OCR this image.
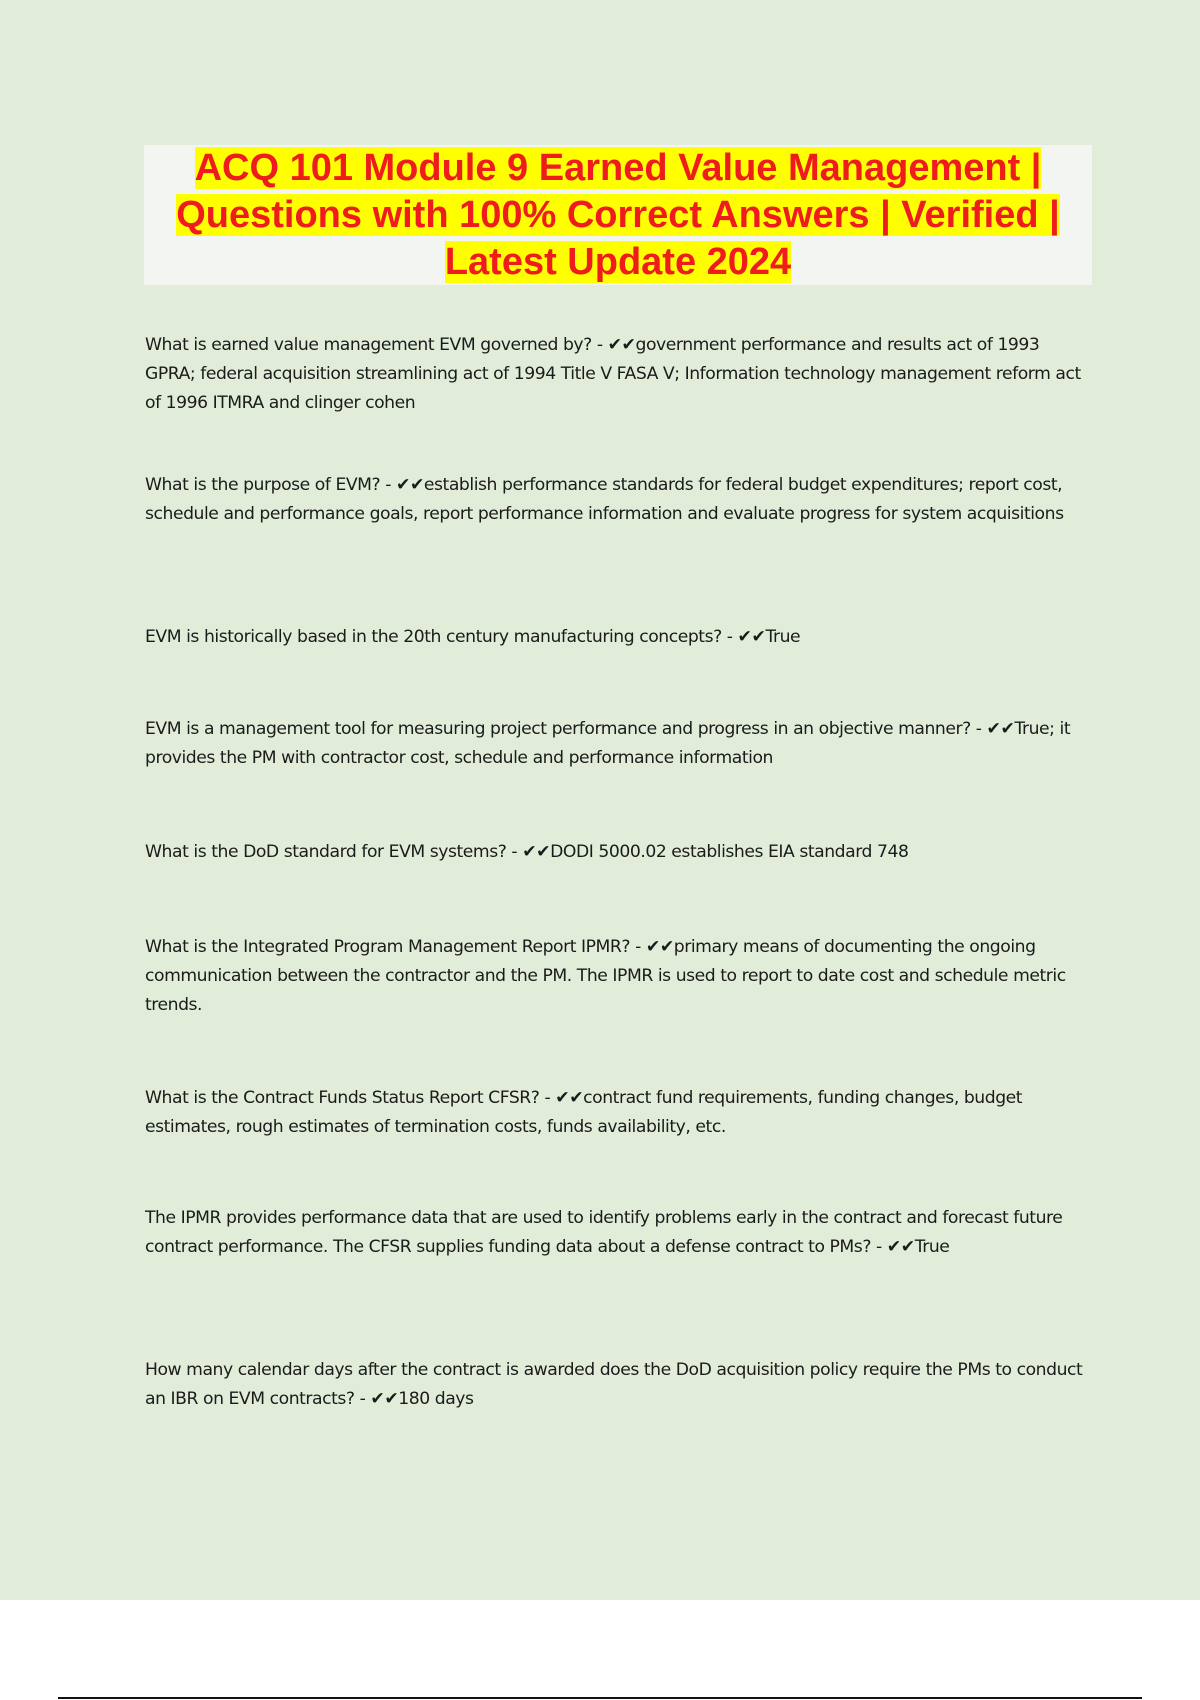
ACQ 101 Module 9 Earned Value Management | Questions with 100% Correct Answers | Verified | Latest Update 2024

What is earned value management EVM governed by? - ✔✔government performance and results act of 1993 GPRA; federal acquisition streamlining act of 1994 Title V FASA V; Information technology management reform act of 1996 ITMRA and clinger cohen

What is the purpose of EVM? - ✔✔establish performance standards for federal budget expenditures; report cost, schedule and performance goals, report performance information and evaluate progress for system acquisitions

EVM is historically based in the 20th century manufacturing concepts? - ✔✔True

EVM is a management tool for measuring project performance and progress in an objective manner? - ✔✔True; it provides the PM with contractor cost, schedule and performance information

What is the DoD standard for EVM systems? - ✔✔DODI 5000.02 establishes EIA standard 748

What is the Integrated Program Management Report IPMR? - ✔✔primary means of documenting the ongoing communication between the contractor and the PM. The IPMR is used to report to date cost and schedule metric trends.

What is the Contract Funds Status Report CFSR? - ✔✔contract fund requirements, funding changes, budget estimates, rough estimates of termination costs, funds availability, etc.

The IPMR provides performance data that are used to identify problems early in the contract and forecast future contract performance. The CFSR supplies funding data about a defense contract to PMs? - ✔✔True

How many calendar days after the contract is awarded does the DoD acquisition policy require the PMs to conduct an IBR on EVM contracts? - ✔✔180 days
